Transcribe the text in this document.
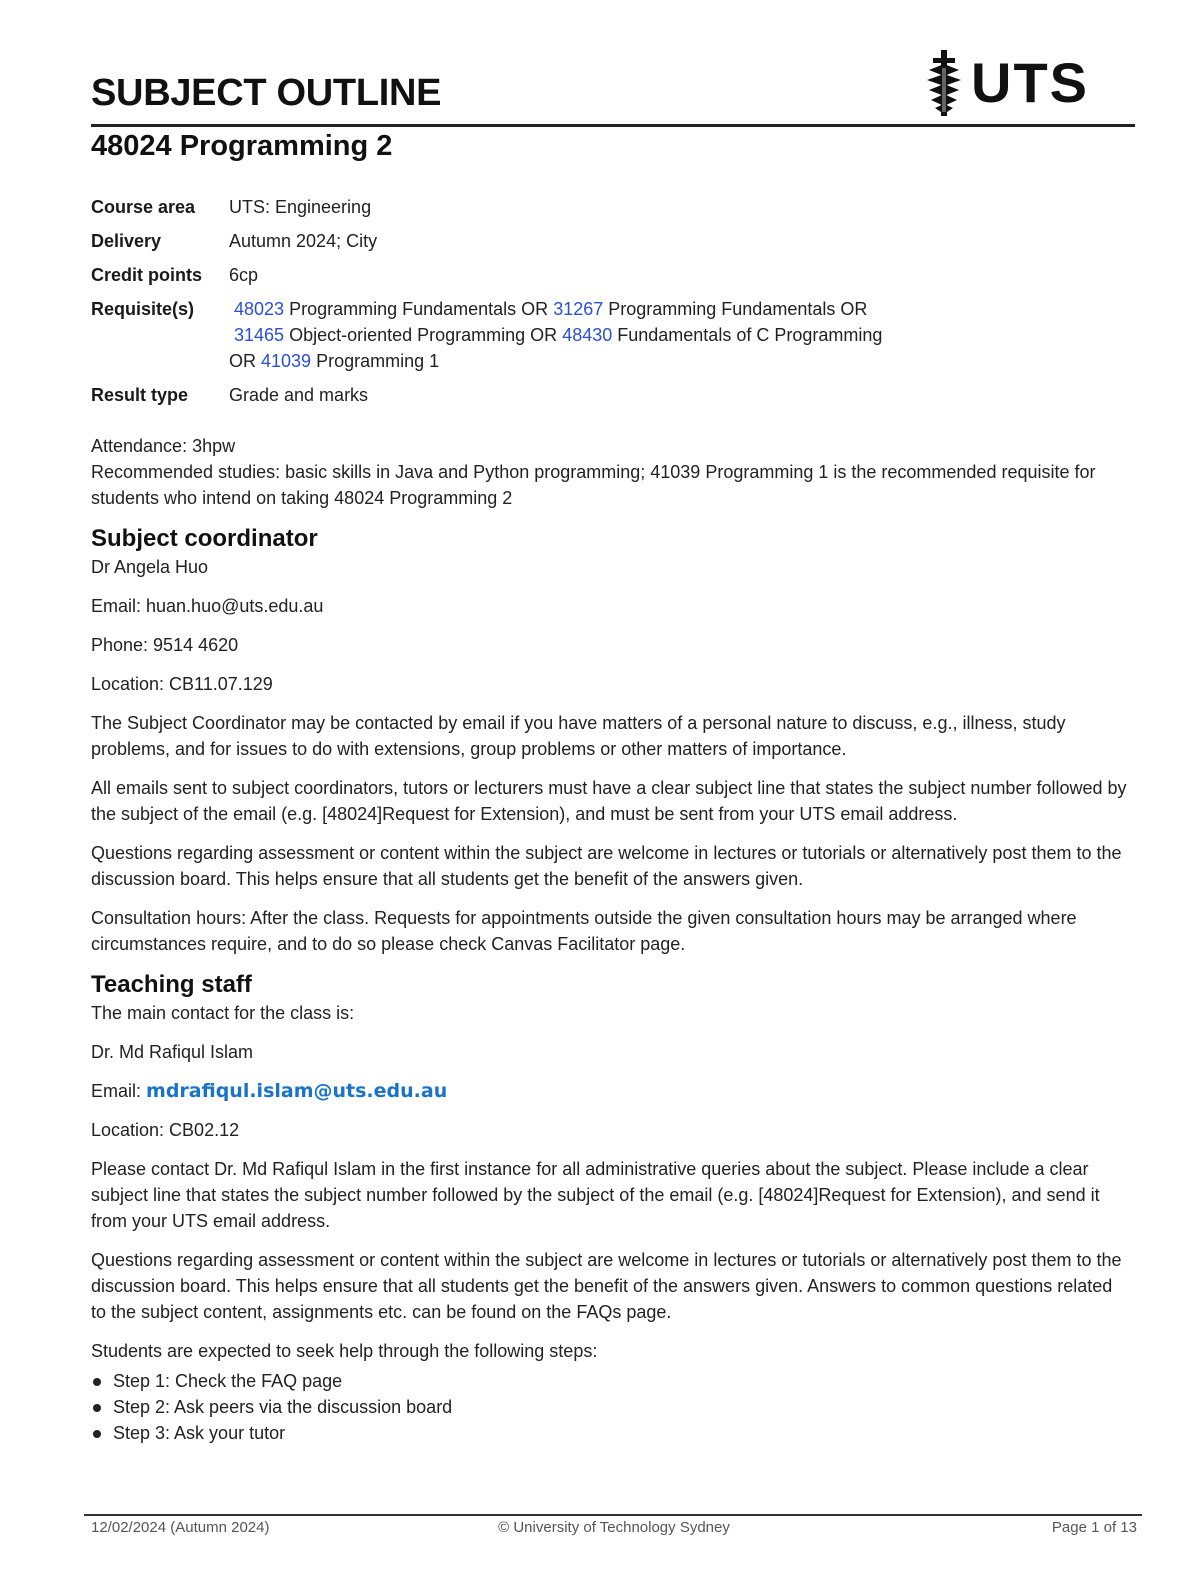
SUBJECT OUTLINE	UTS
48024 Programming 2
Course area	UTS: Engineering
Delivery	Autumn 2024; City
Credit points	6cp
Requisite(s)	48023 Programming Fundamentals OR 31267 Programming Fundamentals OR
31465 Object-oriented Programming OR 48430 Fundamentals of C Programming
OR 41039 Programming 1
Result type	Grade and marks

Attendance: 3hpw

Recommended studies: basic skills in Java and Python programming; 41039 Programming 1 is the recommended requisite for students who intend on taking 48024 Programming 2

Subject coordinator

Dr Angela Huo

Email: huan.huo@uts.edu.au

Phone: 9514 4620

Location: CB11.07.129

The Subject Coordinator may be contacted by email if you have matters of a personal nature to discuss, e.g., illness, study problems, and for issues to do with extensions, group problems or other matters of importance.

All emails sent to subject coordinators, tutors or lecturers must have a clear subject line that states the subject number followed by the subject of the email (e.g. [48024]Request for Extension), and must be sent from your UTS email address.

Questions regarding assessment or content within the subject are welcome in lectures or tutorials or alternatively post them to the discussion board. This helps ensure that all students get the benefit of the answers given.

Consultation hours: After the class. Requests for appointments outside the given consultation hours may be arranged where circumstances require, and to do so please check Canvas Facilitator page.

Teaching staff

The main contact for the class is:

Dr. Md Rafiqul Islam

Email: mdrafiqul.islam@uts.edu.au

Location: CB02.12

Please contact Dr. Md Rafiqul Islam in the first instance for all administrative queries about the subject. Please include a clear subject line that states the subject number followed by the subject of the email (e.g. [48024]Request for Extension), and send it from your UTS email address.

Questions regarding assessment or content within the subject are welcome in lectures or tutorials or alternatively post them to the discussion board. This helps ensure that all students get the benefit of the answers given. Answers to common questions related to the subject content, assignments etc. can be found on the FAQs page.

Students are expected to seek help through the following steps:

Step 1: Check the FAQ page
Step 2: Ask peers via the discussion board
Step 3: Ask your tutor
12/02/2024 (Autumn 2024)	© University of Technology Sydney	Page 1 of 13
